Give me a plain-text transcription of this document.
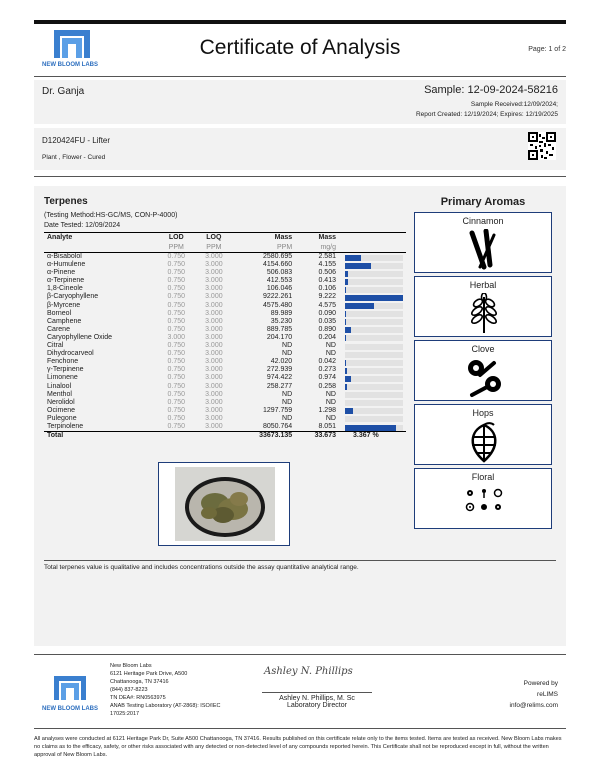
NEW BLOOM LABS
Certificate of Analysis	Page: 1 of 2
Dr. Ganja	Sample: 12-09-2024-58216
Sample Received:12/09/2024;
Report Created: 12/19/2024; Expires: 12/19/2025
D120424FU - Lifter
Plant , Flower - Cured
Terpenes
(Testing Method:HS-GC/MS, CON-P-4000)
Date Tested: 12/09/2024
Analyte	LOD	LOQ	Mass	Mass	
	PPM	PPM	PPM	mg/g	
α-Bisabolol	0.750	3.000	2580.695	2.581	

α-Humulene	0.750	3.000	4154.660	4.155	

α-Pinene	0.750	3.000	506.083	0.506	

α-Terpinene	0.750	3.000	412.553	0.413	

1,8-Cineole	0.750	3.000	106.046	0.106	

β-Caryophyllene	0.750	3.000	9222.261	9.222	

β-Myrcene	0.750	3.000	4575.480	4.575	

Borneol	0.750	3.000	89.989	0.090	

Camphene	0.750	3.000	35.230	0.035	

Carene	0.750	3.000	889.785	0.890	

Caryophyllene Oxide	3.000	3.000	204.170	0.204	

Citral	0.750	3.000	ND	ND	

Dihydrocarveol	0.750	3.000	ND	ND	

Fenchone	0.750	3.000	42.020	0.042	

γ-Terpinene	0.750	3.000	272.939	0.273	

Limonene	0.750	3.000	974.422	0.974	

Linalool	0.750	3.000	258.277	0.258	

Menthol	0.750	3.000	ND	ND	

Nerolidol	0.750	3.000	ND	ND	

Ocimene	0.750	3.000	1297.759	1.298	

Pulegone	0.750	3.000	ND	ND	

Terpinolene	0.750	3.000	8050.764	8.051	

Total			33673.135	33.673	3.367 %
Primary Aromas
Cinnamon
Herbal
Clove
Hops
Floral
Total terpenes value is qualitative and includes concentrations outside the assay quantitative analytical range.
NEW BLOOM LABS
New Bloom Labs
6121 Heritage Park Drive, A500
Chattanooga, TN 37416
(844) 837-8223
TN DEA#: RN0563975
ANAB Testing Laboratory (AT-2868): ISO/IEC
17025:2017
Ashley N. Phillips
Ashley N. Phillips, M. Sc
Laboratory Director
Powered by
reLIMS
info@relims.com
All analyses were conducted at 6121 Heritage Park Dr, Suite A500 Chattanooga, TN 37416. Results published on this certificate relate only to the items tested. Items are tested as received. New Bloom Labs makes no claims as to the efficacy, safety, or other risks associated with any detected or non-detected level of any compounds reported herein. This Certificate shall not be reproduced except in full, without the written approval of New Bloom Labs.
